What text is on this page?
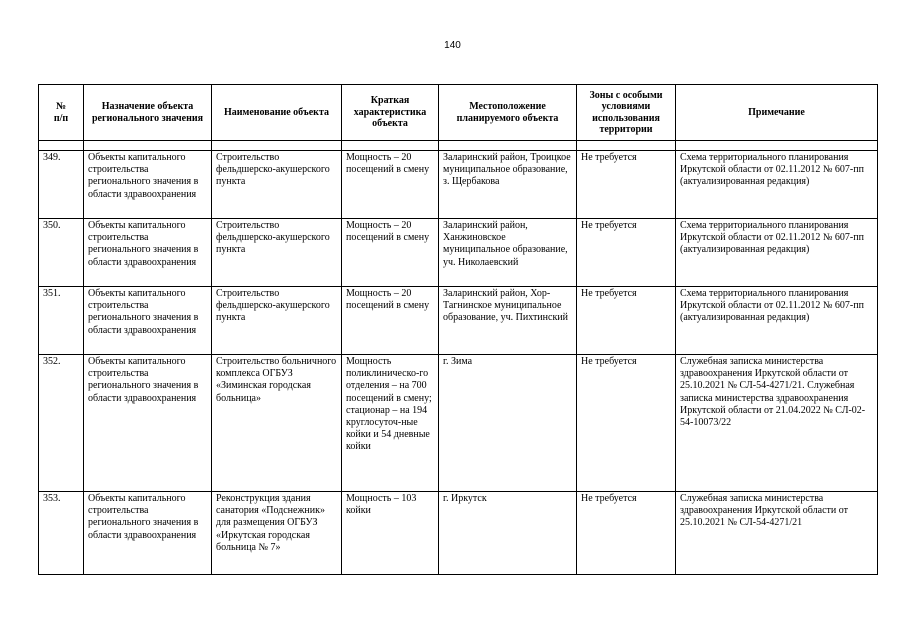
140
№ п/п	Назначение объекта регионального значения	Наименование объекта	Краткая характеристика объекта	Местоположение планируемого объекта	Зоны с особыми условиями использования территории	Примечание

349.	Объекты капитального строительства регионального значения в области здравоохранения	Строительство фельдшерско-акушерского пункта	Мощность – 20 посещений в смену	Заларинский район, Троицкое муниципальное образование, з. Щербакова	Не требуется	Схема территориального планирования Иркутской области от 02.11.2012 № 607-пп (актуализированная редакция)
350.	Объекты капитального строительства регионального значения в области здравоохранения	Строительство фельдшерско-акушерского пункта	Мощность – 20 посещений в смену	Заларинский район, Ханжиновское муниципальное образование, уч. Николаевский	Не требуется	Схема территориального планирования Иркутской области от 02.11.2012 № 607-пп (актуализированная редакция)
351.	Объекты капитального строительства регионального значения в области здравоохранения	Строительство фельдшерско-акушерского пункта	Мощность – 20 посещений в смену	Заларинский район, Хор-Тагнинское муниципальное образование, уч. Пихтинский	Не требуется	Схема территориального планирования Иркутской области от 02.11.2012 № 607-пп (актуализированная редакция)
352.	Объекты капитального строительства регионального значения в области здравоохранения	Строительство больничного комплекса ОГБУЗ «Зиминская городская больница»	Мощность поликлиническо-го отделения – на 700 посещений в смену; стационар – на 194 круглосуточ-ные койки и 54 дневные койки	г. Зима	Не требуется	Служебная записка министерства здравоохранения Иркутской области от 25.10.2021 № СЛ-54-4271/21. Служебная записка министерства здравоохранения Иркутской области от 21.04.2022 № СЛ-02-54-10073/22
353.	Объекты капитального строительства регионального значения в области здравоохранения	Реконструкция здания санатория «Подснежник» для размещения ОГБУЗ «Иркутская городская больница № 7»	Мощность – 103 койки	г. Иркутск	Не требуется	Служебная записка министерства здравоохранения Иркутской области от 25.10.2021 № СЛ-54-4271/21
